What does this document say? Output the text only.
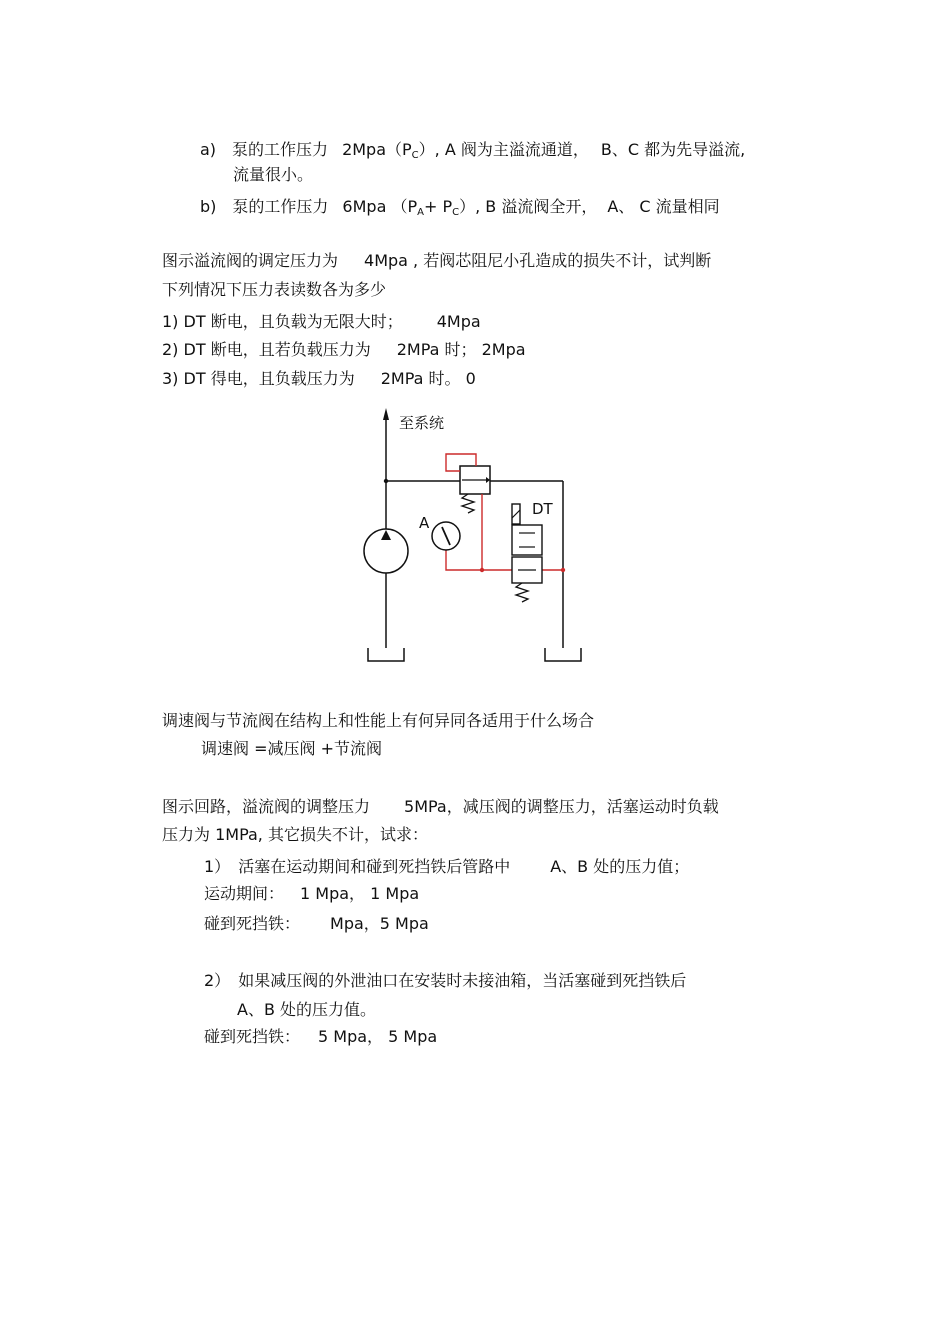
a) 泵的工作压力 $2Mpa(P_C)$, A 阀为主溢流通道， B、C 都为先导溢流,
流量很小。
b) 泵的工作压力 6Mpa $(P_A+ P_C)$, B 溢流阀全开， A、 C 流量相同
图示溢流阀的调定压力为 4Mpa , 若阀芯阻尼小孔造成的损失不计，试判断
下列情况下压力表读数各为多少
1) DT 断电，且负载为无限大时； 4Mpa
2) DT 断电，且若负载压力为 2MPa 时； 2Mpa
3) DT 得电，且负载压力为 2MPa 时。 0
至系统
DT
A
调速阀与节流阀在结构上和性能上有何异同各适用于什么场合
调速阀 =减压阀 +节流阀
图示回路，溢流阀的调整压力 5MPa，减压阀的调整压力，活塞运动时负载
压力为 1MPa, 其它损失不计，试求：
1） 活塞在运动期间和碰到死挡铁后管路中	A、B 处的压力值；
运动期间： 1 Mpa， 1 Mpa
碰到死挡铁： Mpa，5 Mpa
2） 如果减压阀的外泄油口在安装时未接油箱，当活塞碰到死挡铁后
A、B 处的压力值。
碰到死挡铁： 5 Mpa， 5 Mpa
